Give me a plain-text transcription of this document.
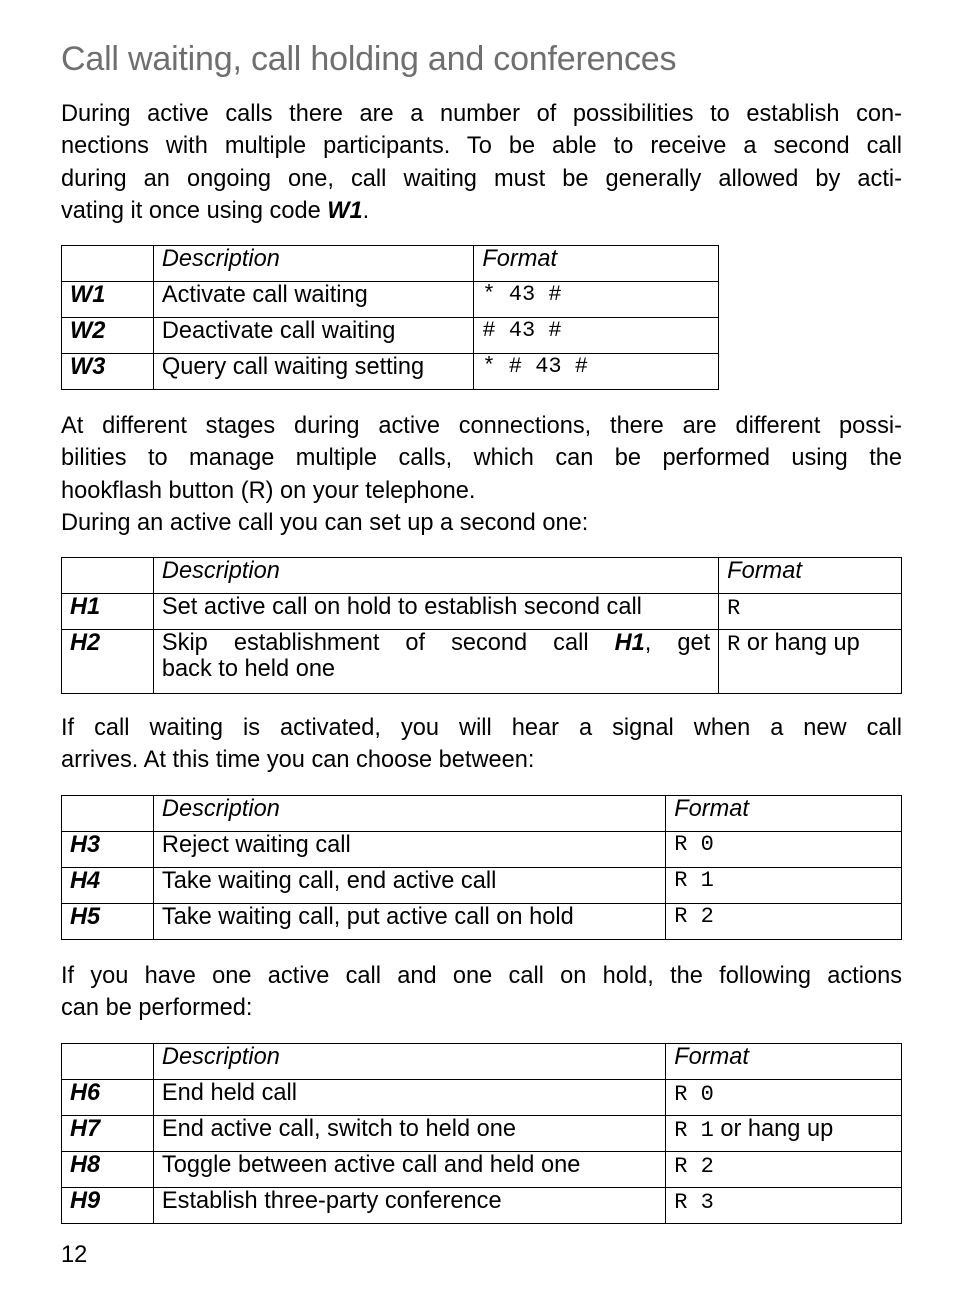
Call waiting, call holding and conferences

During active calls there are a number of possibilities to establish con-
nections with multiple participants. To be able to receive a second call
during an ongoing one, call waiting must be generally allowed by acti-
vating it once using code W1.

	Description	Format
W1	Activate call waiting	* 43 #
W2	Deactivate call waiting	# 43 #
W3	Query call waiting setting	* # 43 #

At different stages during active connections, there are different possi-
bilities to manage multiple calls, which can be performed using the
hookflash button (R) on your telephone.

During an active call you can set up a second one:

	Description	Format
H1	Set active call on hold to establish second call	R
H2	Skip establishment of second call H1, get
back to held one	R or hang up

If call waiting is activated, you will hear a signal when a new call
arrives. At this time you can choose between:

	Description	Format
H3	Reject waiting call	R 0
H4	Take waiting call, end active call	R 1
H5	Take waiting call, put active call on hold	R 2

If you have one active call and one call on hold, the following actions
can be performed:

	Description	Format
H6	End held call	R 0
H7	End active call, switch to held one	R 1 or hang up
H8	Toggle between active call and held one	R 2
H9	Establish three-party conference	R 3
12
